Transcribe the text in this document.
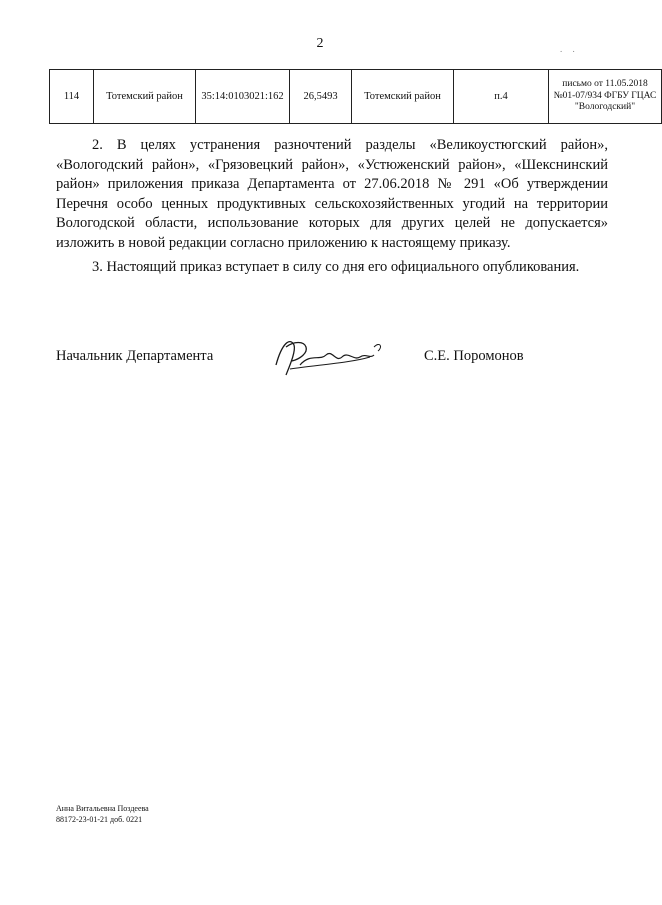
2	. .
114	Тотемский район	35:14:0103021:162	26,5493	Тотемский район	п.4	письмо от 11.05.2018 №01-07/934 ФГБУ ГЦАС "Вологодский"

2. В целях устранения разночтений разделы «Великоустюгский район», «Вологодский район», «Грязовецкий район», «Устюженский район», «Шекснинский район» приложения приказа Департамента от 27.06.2018 № 291 «Об утверждении Перечня особо ценных продуктивных сельскохозяйственных угодий на территории Вологодской области, использование которых для других целей не допускается» изложить в новой редакции согласно приложению к настоящему приказу.

3. Настоящий приказ вступает в силу со дня его официального опубликования.

Начальник Департамента	С.Е. Поромонов
Анна Витальевна Поздеева
88172-23-01-21 доб. 0221
